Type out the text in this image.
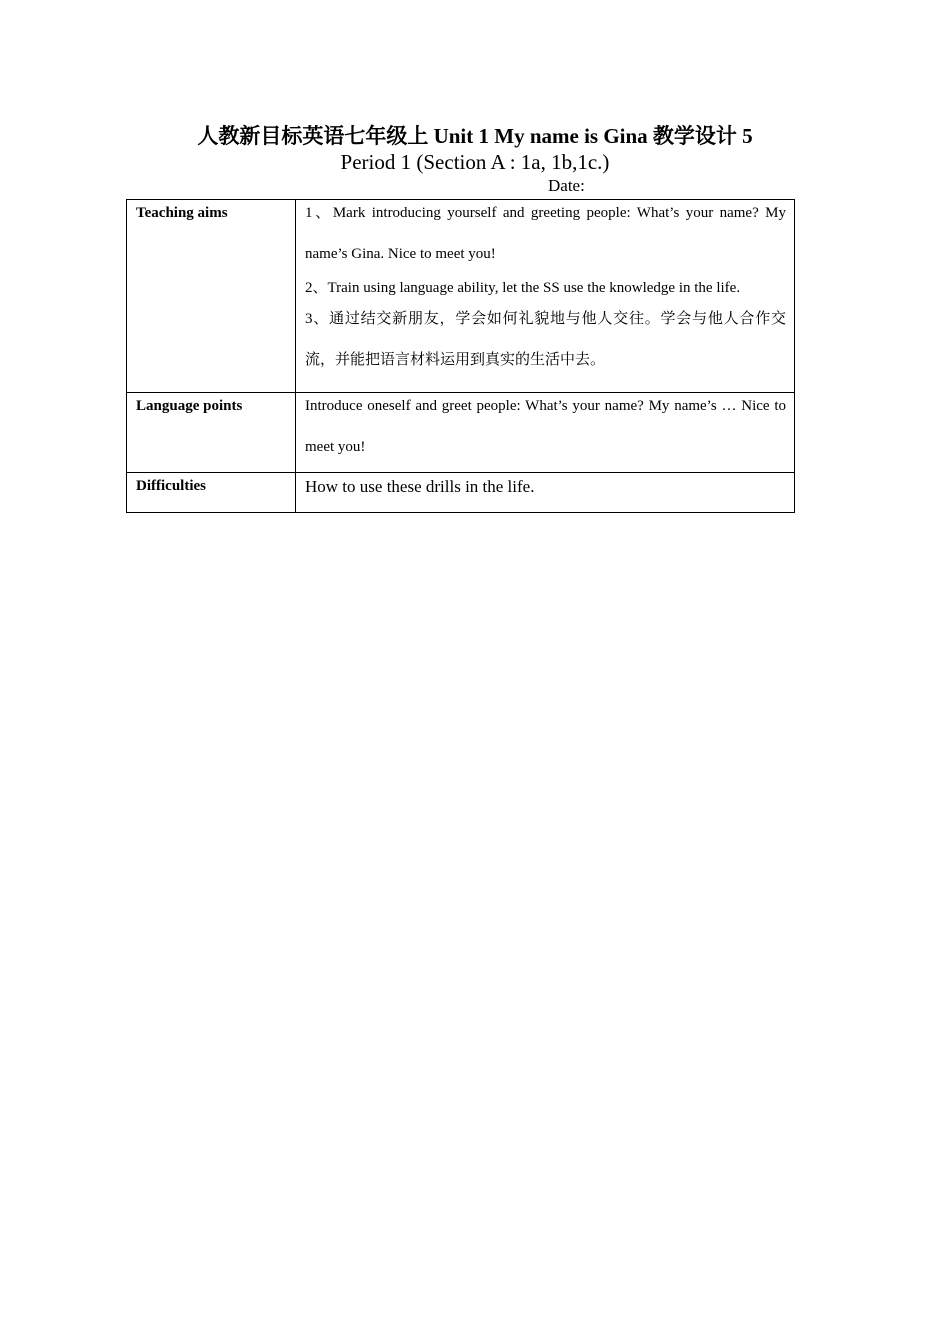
人教新目标英语七年级上 Unit 1 My name is Gina 教学设计 5
Period 1 (Section A : 1a, 1b,1c.)
Date:
Teaching aims	1、Mark introducing yourself and greeting people: What’s your name? My name’s Gina. Nice to meet you!
2、Train using language ability, let the SS use the knowledge in the life.
3、通过结交新朋友，学会如何礼貌地与他人交往。学会与他人合作交流，并能把语言材料运用到真实的生活中去。

Language points	Introduce oneself and greet people: What’s your name? My name’s … Nice to meet you!

Difficulties	How to use these drills in the life.
